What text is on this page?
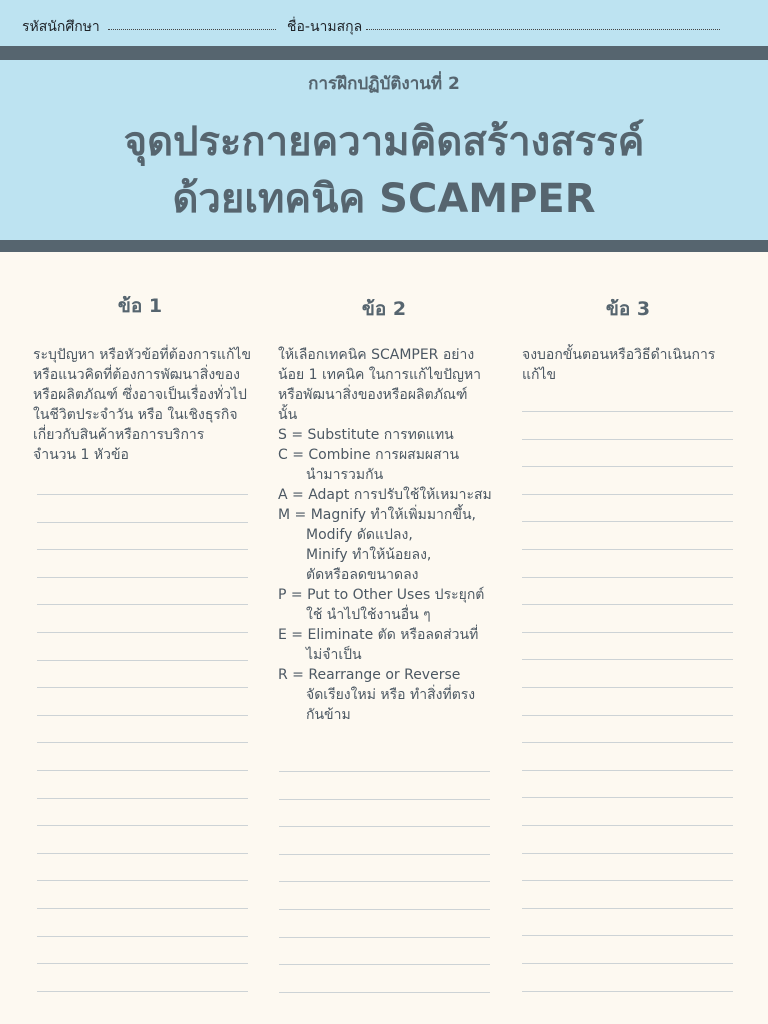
รหัสนักศึกษา	ชื่อ-นามสกุล
การฝึกปฏิบัติงานที่ 2
จุดประกายความคิดสร้างสรรค์
ด้วยเทคนิค SCAMPER
ข้อ 1	ข้อ 2	ข้อ 3
ระบุปัญหา หรือหัวข้อที่ต้องการแก้ไข
หรือแนวคิดที่ต้องการพัฒนาสิ่งของ
หรือผลิตภัณฑ์ ซึ่งอาจเป็นเรื่องทั่วไป
ในชีวิตประจำวัน หรือ ในเชิงธุรกิจ
เกี่ยวกับสินค้าหรือการบริการ
จำนวน 1 หัวข้อ
ให้เลือกเทคนิค SCAMPER อย่าง
น้อย 1 เทคนิค ในการแก้ไขปัญหา
หรือพัฒนาสิ่งของหรือผลิตภัณฑ์
นั้น
S = Substitute การทดแทน
C = Combine การผสมผสาน
นำมารวมกัน
A = Adapt การปรับใช้ให้เหมาะสม
M = Magnify ทำให้เพิ่มมากขึ้น,
Modify ดัดแปลง,
Minify ทำให้น้อยลง,
ตัดหรือลดขนาดลง
P = Put to Other Uses ประยุกต์
ใช้ นำไปใช้งานอื่น ๆ
E = Eliminate ตัด หรือลดส่วนที่
ไม่จำเป็น
R = Rearrange or Reverse
จัดเรียงใหม่ หรือ ทำสิ่งที่ตรง
กันข้าม
จงบอกขั้นตอนหรือวิธีดำเนินการ
แก้ไข
